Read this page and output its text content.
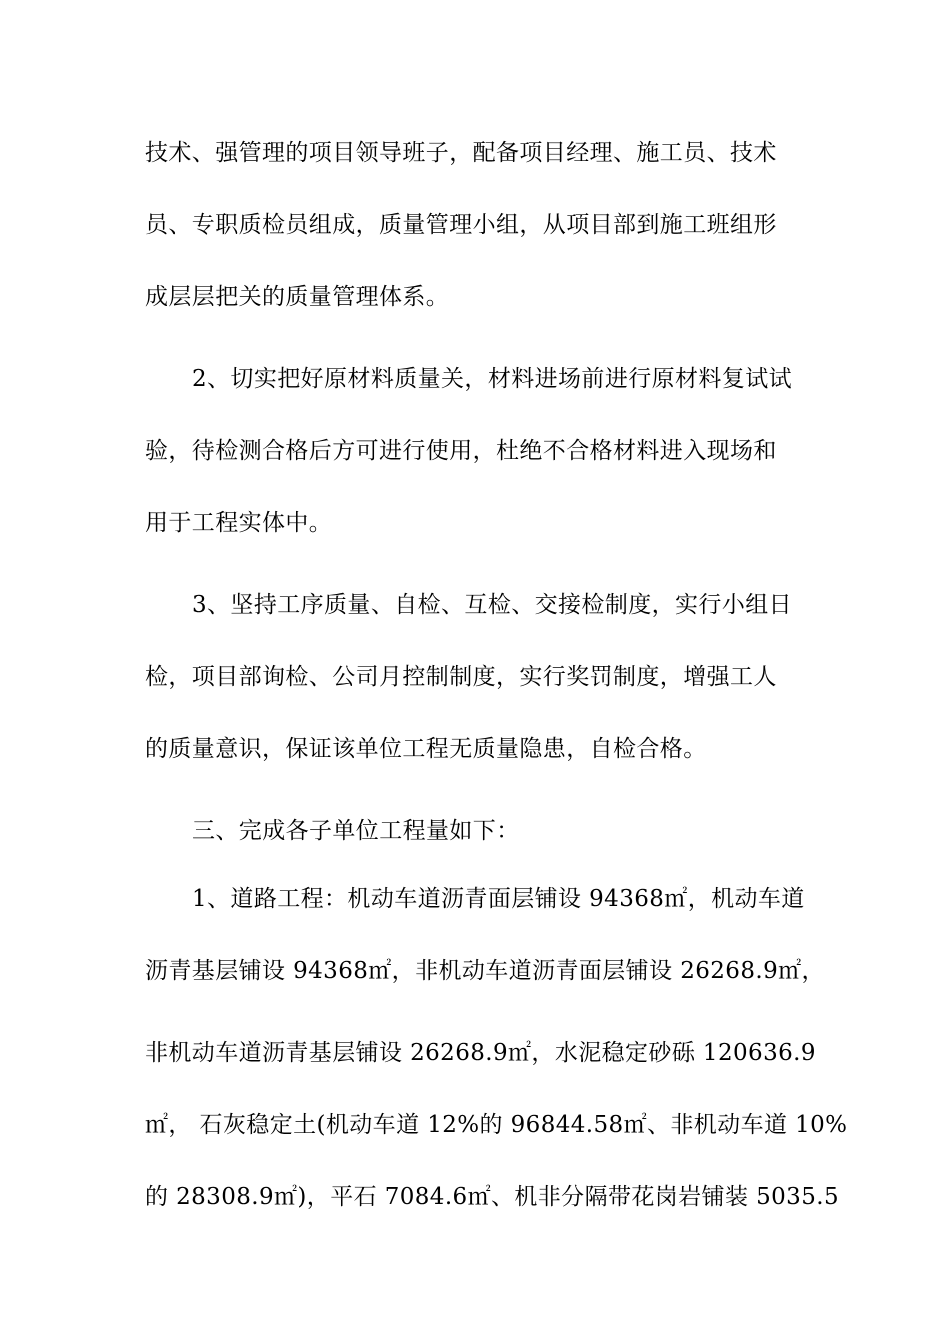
技术、强管理的项目领导班子，配备项目经理、施工员、技术
员、专职质检员组成，质量管理小组，从项目部到施工班组形
成层层把关的质量管理体系。
2、切实把好原材料质量关，材料进场前进行原材料复试试
验，待检测合格后方可进行使用，杜绝不合格材料进入现场和
用于工程实体中。
3、坚持工序质量、自检、互检、交接检制度，实行小组日
检，项目部询检、公司月控制制度，实行奖罚制度，增强工人
的质量意识，保证该单位工程无质量隐患，自检合格。
三、完成各子单位工程量如下：
1、道路工程：机动车道沥青面层铺设 94368㎡，机动车道
沥青基层铺设 94368㎡，非机动车道沥青面层铺设 26268.9㎡，
非机动车道沥青基层铺设 26268.9㎡，水泥稳定砂砾 120636.9
㎡， 石灰稳定土(机动车道 12%的 96844.58㎡、非机动车道 10%
的 28308.9㎡)，平石 7084.6㎡、机非分隔带花岗岩铺装 5035.5
